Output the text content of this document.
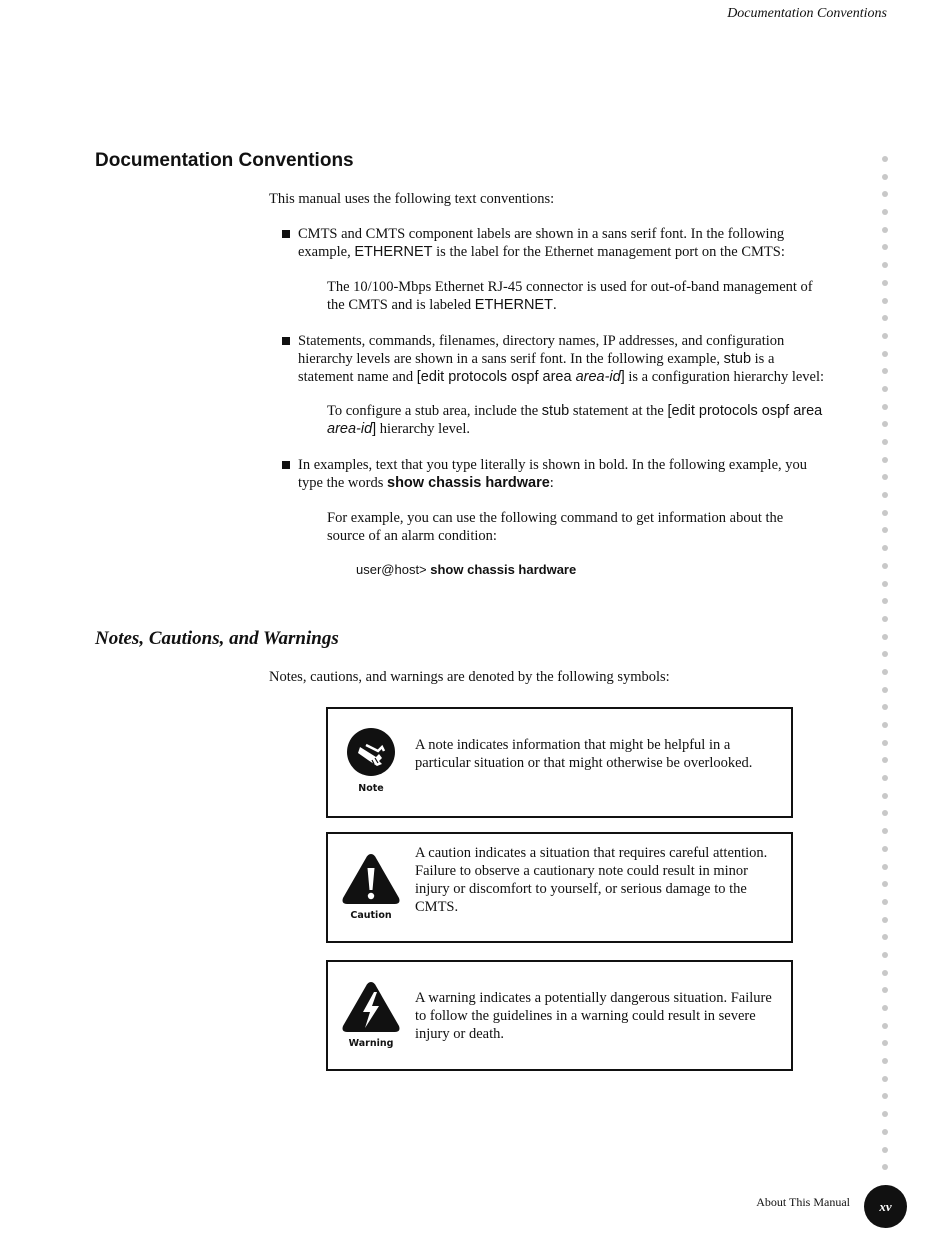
Documentation Conventions
Documentation Conventions
This manual uses the following text conventions:
CMTS and CMTS component labels are shown in a sans serif font. In the following
example, ETHERNET is the label for the Ethernet management port on the CMTS:
The 10/100-Mbps Ethernet RJ-45 connector is used for out-of-band management of
the CMTS and is labeled ETHERNET.
Statements, commands, filenames, directory names, IP addresses, and configuration
hierarchy levels are shown in a sans serif font. In the following example, stub is a
statement name and [edit protocols ospf area area-id] is a configuration hierarchy level:
To configure a stub area, include the stub statement at the [edit protocols ospf area
area-id] hierarchy level.
In examples, text that you type literally is shown in bold. In the following example, you
type the words show chassis hardware:
For example, you can use the following command to get information about the
source of an alarm condition:
user@host> show chassis hardware
Notes, Cautions, and Warnings
Notes, cautions, and warnings are denoted by the following symbols:
Note
A note indicates information that might be helpful in a particular situation or that might otherwise be overlooked.
Caution
A caution indicates a situation that requires careful attention. Failure to observe a cautionary note could result in minor injury or discomfort to yourself, or serious damage to the CMTS.
Warning
A warning indicates a potentially dangerous situation. Failure to follow the guidelines in a warning could result in severe injury or death.
About This Manual	xv
